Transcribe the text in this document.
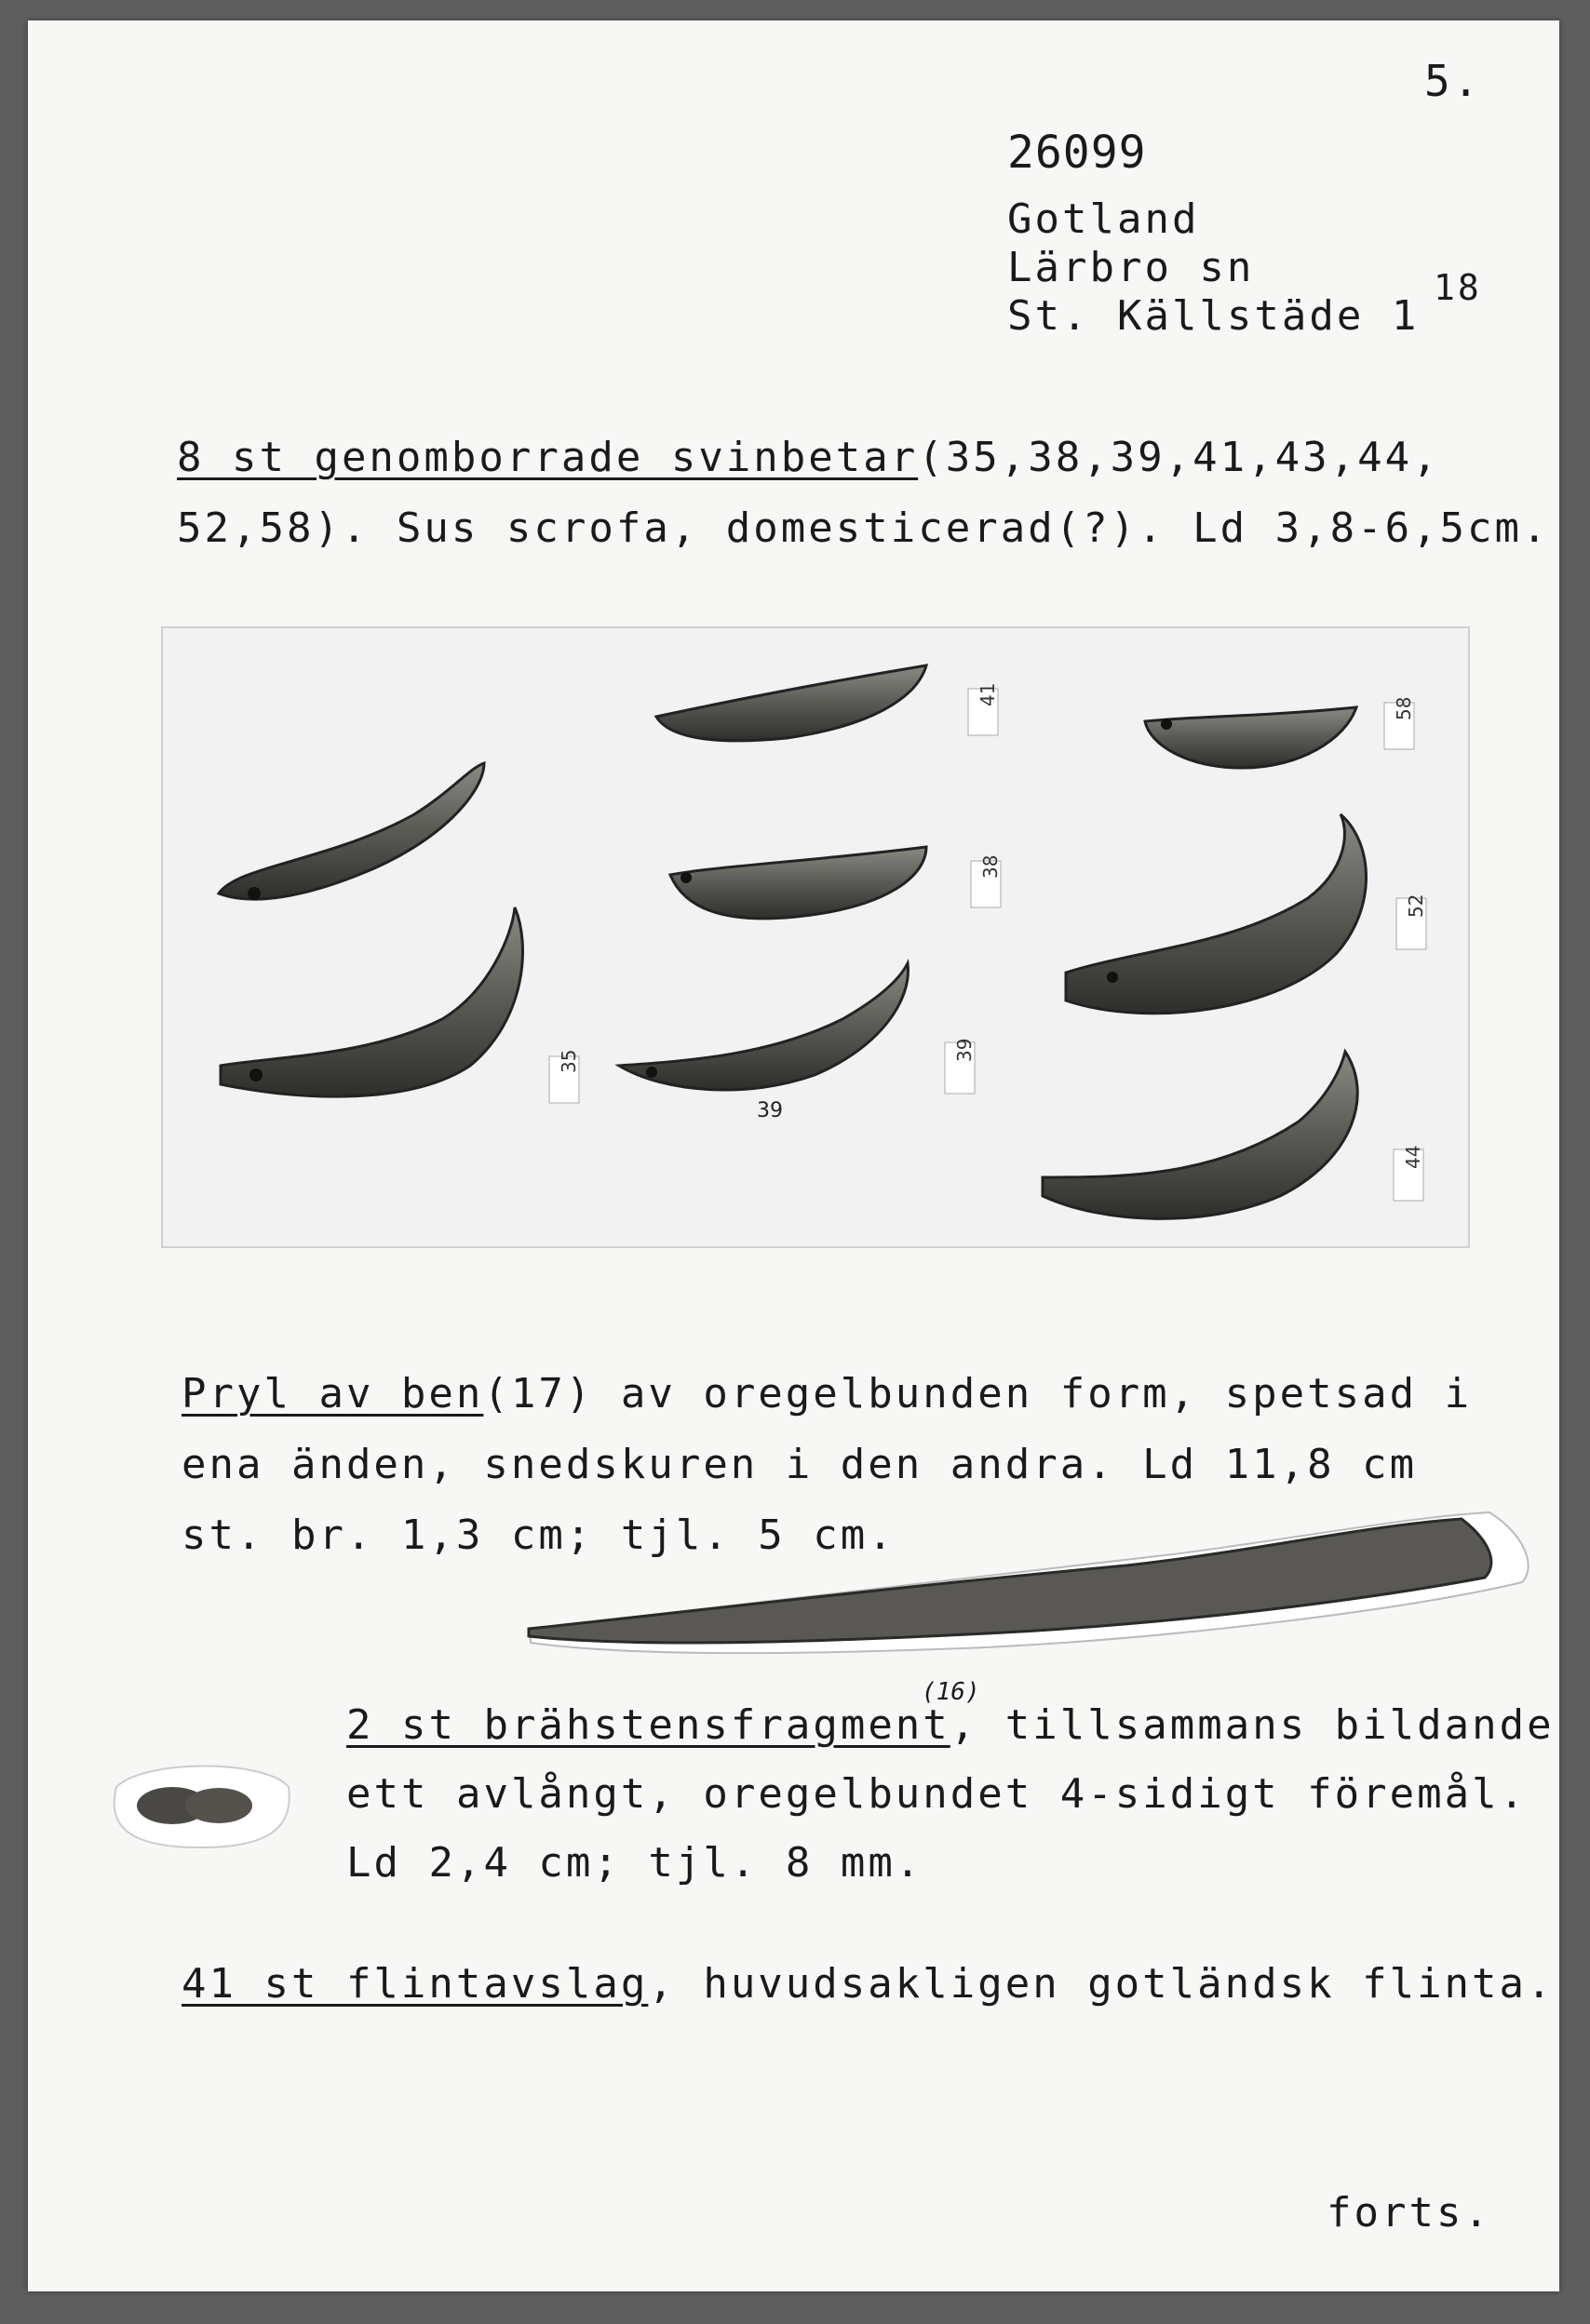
5.
26099
Gotland
Lärbro sn
St. Källstäde 1
18
8 st genomborrade svinbetar(35,38,39,41,43,44,
52,58). Sus scrofa, domesticerad(?). Ld 3,8-6,5cm.
39
35
41
38
39
58
52
44
Pryl av ben(17) av oregelbunden form, spetsad i
ena änden, snedskuren i den andra. Ld 11,8 cm
st. br. 1,3 cm; tjl. 5 cm.
2 st brähstensfragment, tillsammans bildande
(16)
ett avlångt, oregelbundet 4-sidigt föremål.
Ld 2,4 cm; tjl. 8 mm.
41 st flintavslag, huvudsakligen gotländsk flinta.
forts.
